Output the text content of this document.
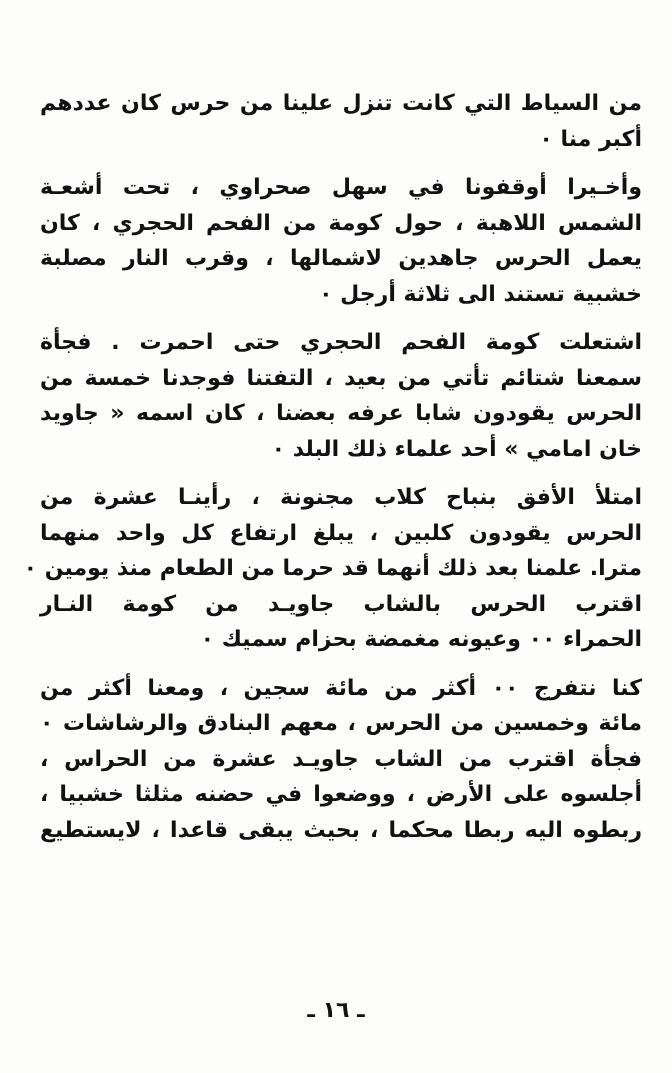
من السياط التي كانت تنزل علينا من حرس كان عددهم
أكبر منا ٠
وأخـيرا أوقفونا في سهل صحراوي ، تحت أشعـة
الشمس اللاهبة ، حول كومة من الفحم الحجري ، كان
يعمل الحرس جاهدين لاشمالها ، وقرب النار مصلبة
خشبية تستند الى ثلاثة أرجل ٠
اشتعلت كومة الفحم الحجري حتى احمرت . فجأة
سمعنا شتائم تأتي من بعيد ، التفتنا فوجدنا خمسة من
الحرس يقودون شابا عرفه بعضنا ، كان اسمه « جاويد
خان امامي » أحد علماء ذلك البلد ٠
امتلأ الأفق بنباح كلاب مجنونة ، رأينـا عشرة من
الحرس يقودون كلبين ، يبلغ ارتفاع كل واحد منهما
مترا. علمنا بعد ذلك أنهما قد حرما من الطعام منذ يومين ٠
اقترب الحرس بالشاب جاويـد من كومة النـار
الحمراء ٠٠ وعيونه مغمضة بحزام سميك ٠
كنا نتفرج ٠٠ أكثر من مائة سجين ، ومعنا أكثر من
مائة وخمسين من الحرس ، معهم البنادق والرشاشات ٠
فجأة اقترب من الشاب جاويـد عشرة من الحراس ،
أجلسوه على الأرض ، ووضعوا في حضنه مثلثا خشبيا ،
ربطوه اليه ربطا محكما ، بحيث يبقى قاعدا ، لايستطيع
ـ ١٦ ـ
